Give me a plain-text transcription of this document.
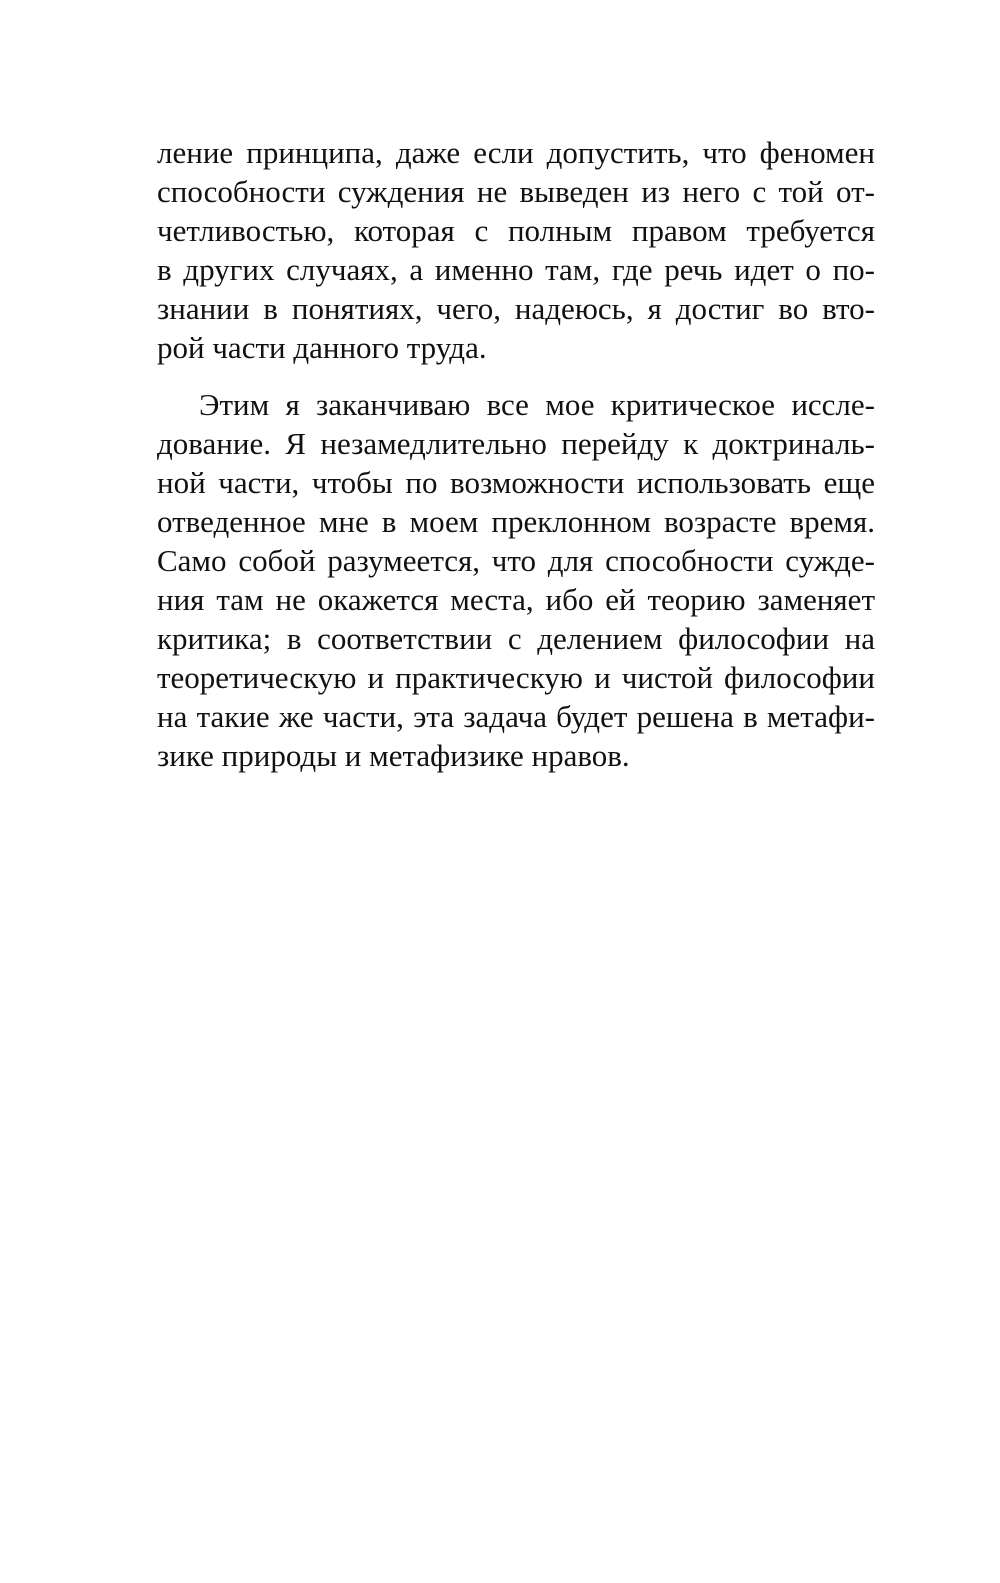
ление принципа, даже если допустить, что феномен
способности суждения не выведен из него с той от-
четливостью, которая с полным правом требуется
в других случаях, а именно там, где речь идет о по-
знании в понятиях, чего, надеюсь, я достиг во вто-
рой части данного труда.
Этим я заканчиваю все мое критическое иссле-
дование. Я незамедлительно перейду к доктриналь-
ной части, чтобы по возможности использовать еще
отведенное мне в моем преклонном возрасте время.
Само собой разумеется, что для способности сужде-
ния там не окажется места, ибо ей теорию заменяет
критика; в соответствии с делением философии на
теоретическую и практическую и чистой философии
на такие же части, эта задача будет решена в метафи-
зике природы и метафизике нравов.
